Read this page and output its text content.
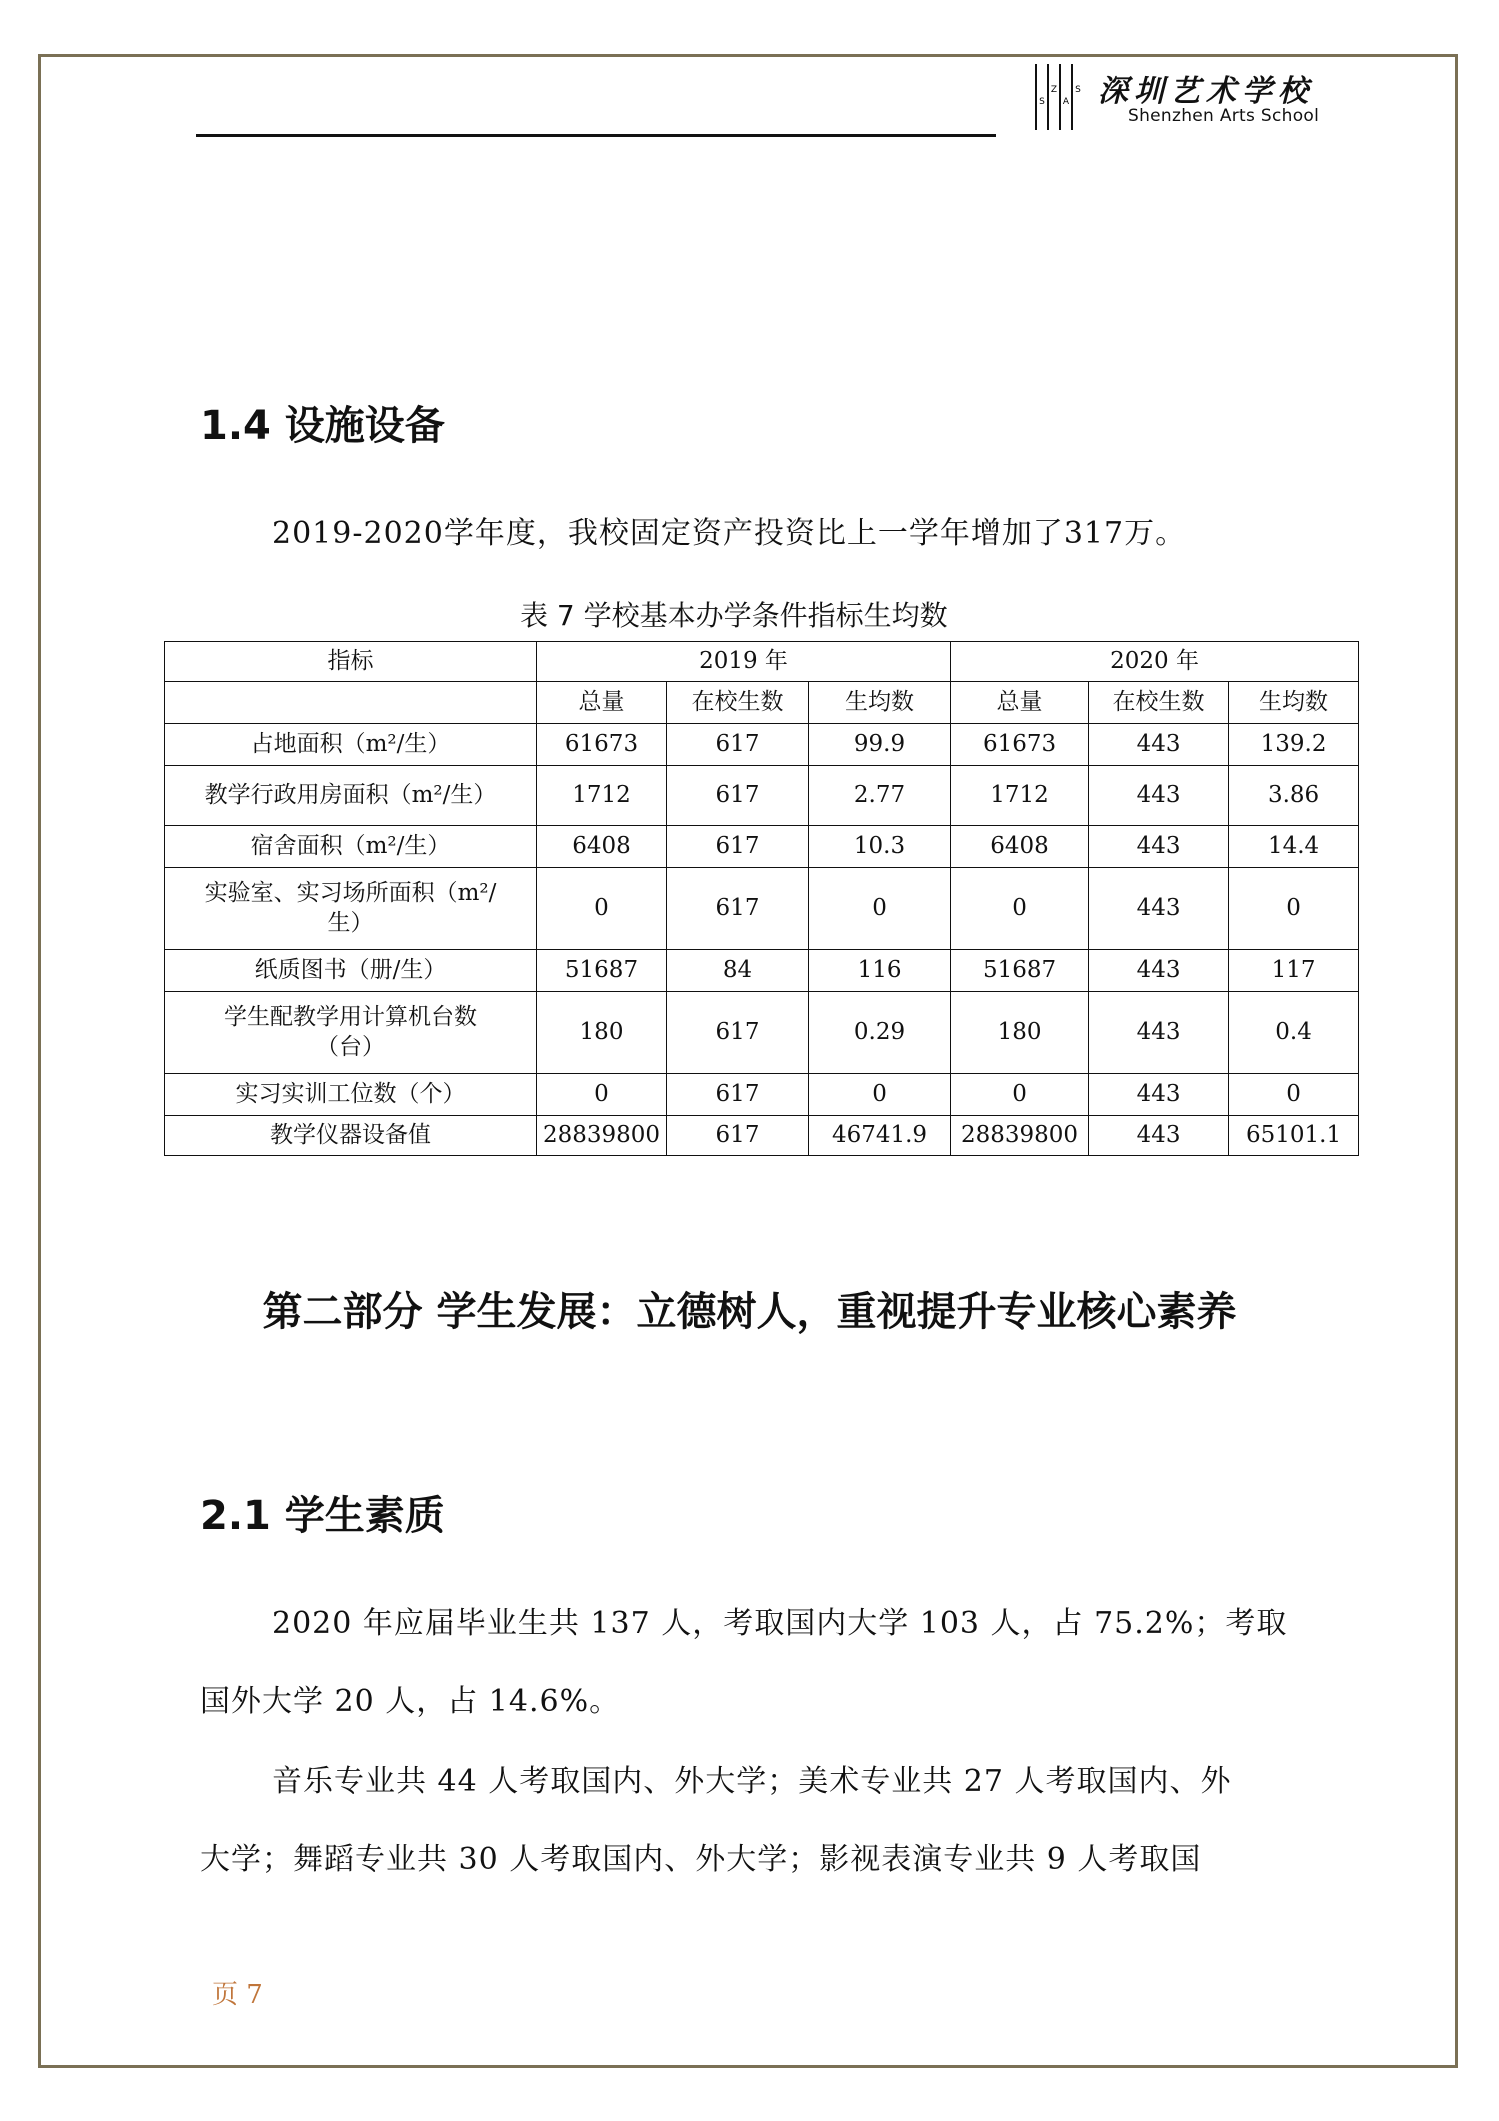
S
Z
A
S 深圳艺术学校
Shenzhen Arts School
1.4 设施设备
2019-2020学年度，我校固定资产投资比上一学年增加了317万。
表 7 学校基本办学条件指标生均数
指标	2019 年			2020 年		
	总量	在校生数	生均数	总量	在校生数	生均数
占地面积（m²/生）	61673	617	99.9	61673	443	139.2
教学行政用房面积（m²/生）	1712	617	2.77	1712	443	3.86
宿舍面积（m²/生）	6408	617	10.3	6408	443	14.4

实验室、实习场所面积（m²/
生）	0	617	0	0	443	0
纸质图书（册/生）	51687	84	116	51687	443	117

学生配教学用计算机台数
（台）	180	617	0.29	180	443	0.4
实习实训工位数（个）	0	617	0	0	443	0
教学仪器设备值	28839800	617	46741.9	28839800	443	65101.1
第二部分 学生发展：立德树人，重视提升专业核心素养
2.1 学生素质
2020 年应届毕业生共 137 人，考取国内大学 103 人，占 75.2%；考取
国外大学 20 人，占 14.6%。
音乐专业共 44 人考取国内、外大学；美术专业共 27 人考取国内、外
大学；舞蹈专业共 30 人考取国内、外大学；影视表演专业共 9 人考取国
页 7
